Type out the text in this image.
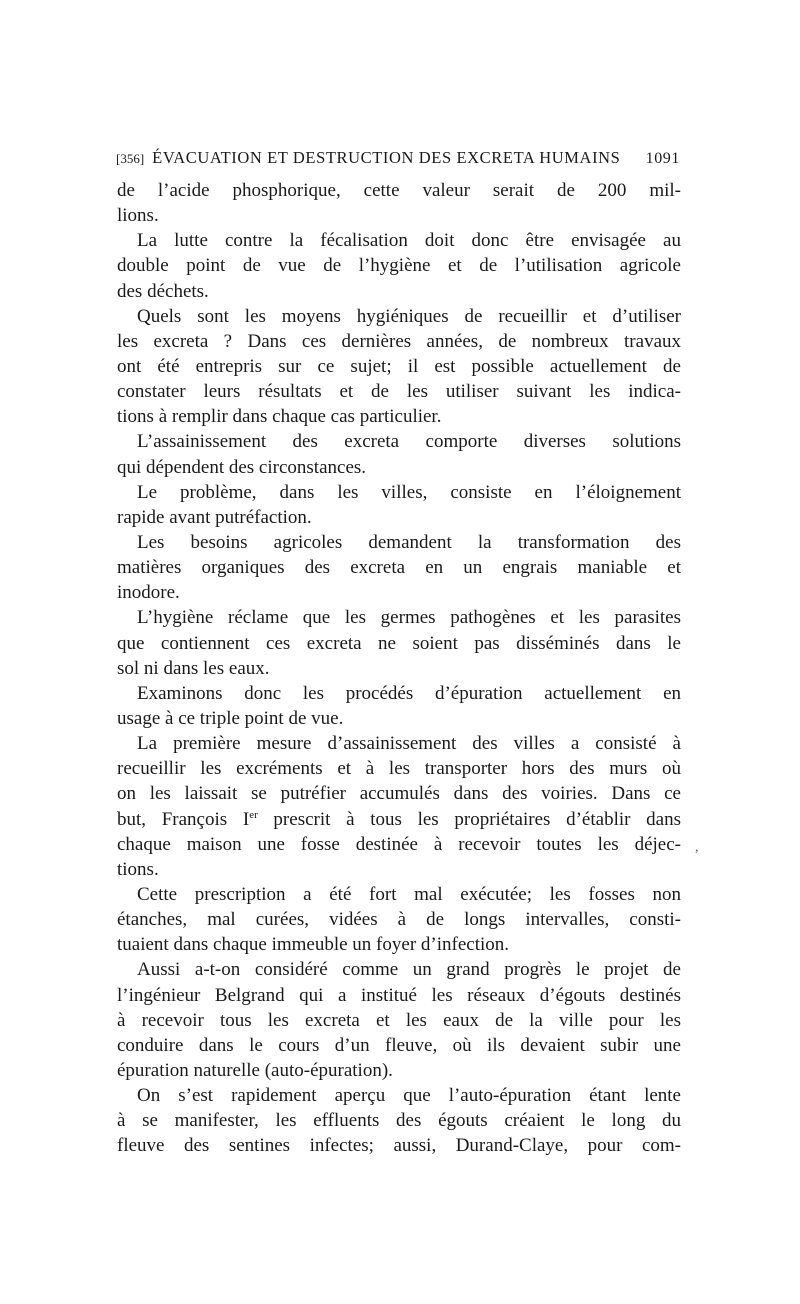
[356] ÉVACUATION ET DESTRUCTION DES EXCRETA HUMAINS	1091
de l’acide phosphorique, cette valeur serait de 200 mil-
lions.
La lutte contre la fécalisation doit donc être envisagée au
double point de vue de l’hygiène et de l’utilisation agricole
des déchets.
Quels sont les moyens hygiéniques de recueillir et d’utiliser
les excreta ? Dans ces dernières années, de nombreux travaux
ont été entrepris sur ce sujet; il est possible actuellement de
constater leurs résultats et de les utiliser suivant les indica-
tions à remplir dans chaque cas particulier.
L’assainissement des excreta comporte diverses solutions
qui dépendent des circonstances.
Le problème, dans les villes, consiste en l’éloignement
rapide avant putréfaction.
Les besoins agricoles demandent la transformation des
matières organiques des excreta en un engrais maniable et
inodore.
L’hygiène réclame que les germes pathogènes et les parasites
que contiennent ces excreta ne soient pas disséminés dans le
sol ni dans les eaux.
Examinons donc les procédés d’épuration actuellement en
usage à ce triple point de vue.
La première mesure d’assainissement des villes a consisté à
recueillir les excréments et à les transporter hors des murs où
on les laissait se putréfier accumulés dans des voiries. Dans ce
but, François Ier prescrit à tous les propriétaires d’établir dans
chaque maison une fosse destinée à recevoir toutes les déjec-
tions.
Cette prescription a été fort mal exécutée; les fosses non
étanches, mal curées, vidées à de longs intervalles, consti-
tuaient dans chaque immeuble un foyer d’infection.
Aussi a-t-on considéré comme un grand progrès le projet de
l’ingénieur Belgrand qui a institué les réseaux d’égouts destinés
à recevoir tous les excreta et les eaux de la ville pour les
conduire dans le cours d’un fleuve, où ils devaient subir une
épuration naturelle (auto-épuration).
On s’est rapidement aperçu que l’auto-épuration étant lente
à se manifester, les effluents des égouts créaient le long du
fleuve des sentines infectes; aussi, Durand-Claye, pour com-
,
